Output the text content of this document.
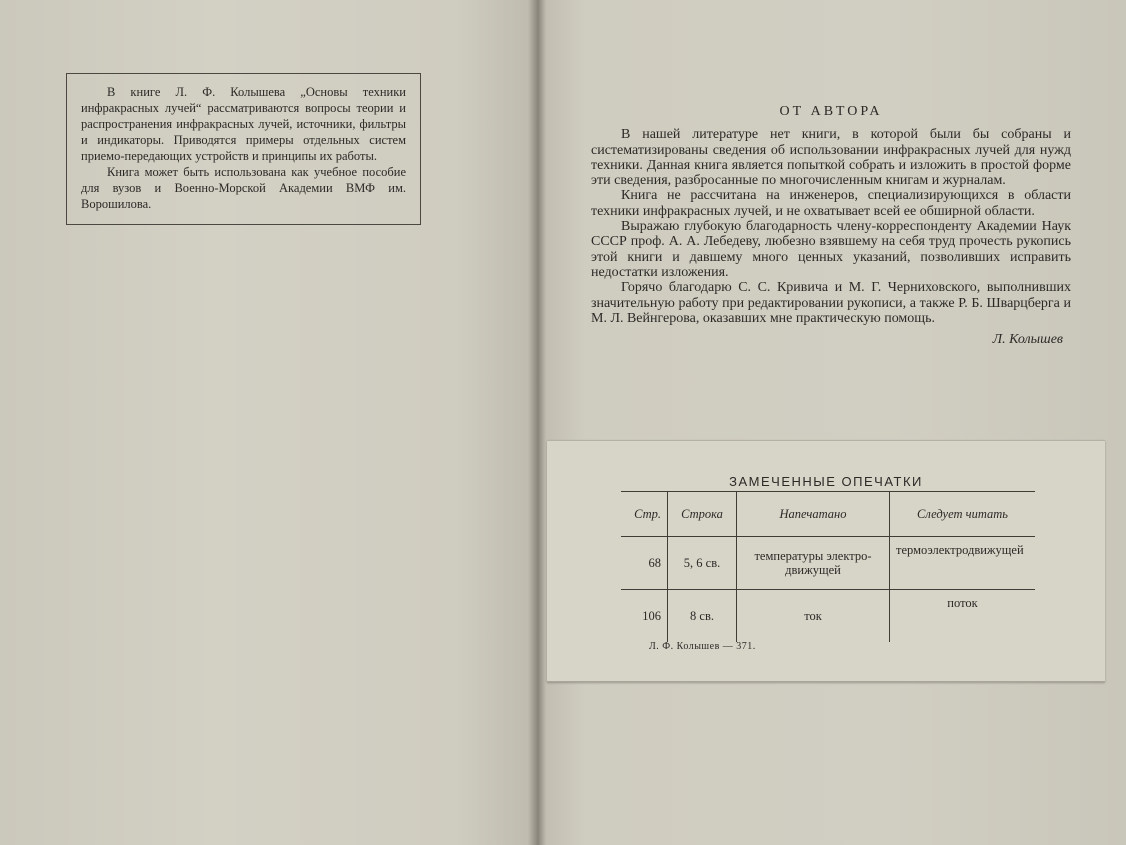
В книге Л. Ф. Колышева „Основы техники инфракрасных лучей“ рассматриваются вопросы теории и распространения инфракрасных лучей, источники, фильтры и индикаторы. Приводятся примеры отдельных систем приемо-передающих устройств и принципы их работы.

Книга может быть использована как учебное пособие для вузов и Военно-Морской Академии ВМФ им. Ворошилова.

ОТ АВТОРА

В нашей литературе нет книги, в которой были бы собраны и систематизированы сведения об использовании инфракрасных лучей для нужд техники. Данная книга является попыткой собрать и изложить в простой форме эти сведения, разбросанные по многочисленным книгам и журналам.

Книга не рассчитана на инженеров, специализирующихся в области техники инфракрасных лучей, и не охватывает всей ее обширной области.

Выражаю глубокую благодарность члену-корреспонденту Академии Наук СССР проф. А. А. Лебедеву, любезно взявшему на себя труд прочесть рукопись этой книги и давшему много ценных указаний, позволивших исправить недостатки изложения.

Горячо благодарю С. С. Кривича и М. Г. Черниховского, выполнивших значительную работу при редактировании рукописи, а также Р. Б. Шварцберга и М. Л. Вейнгерова, оказавших мне практическую помощь.

Л. Колышев
ЗАМЕЧЕННЫЕ ОПЕЧАТКИ
Стр.	Строка	Напечатано	Следует читать
68	5, 6 св.	температуры электро-движущей	термоэлектродвижущей
106	8 св.	ток	поток
Л. Ф. Колышев — 371.
